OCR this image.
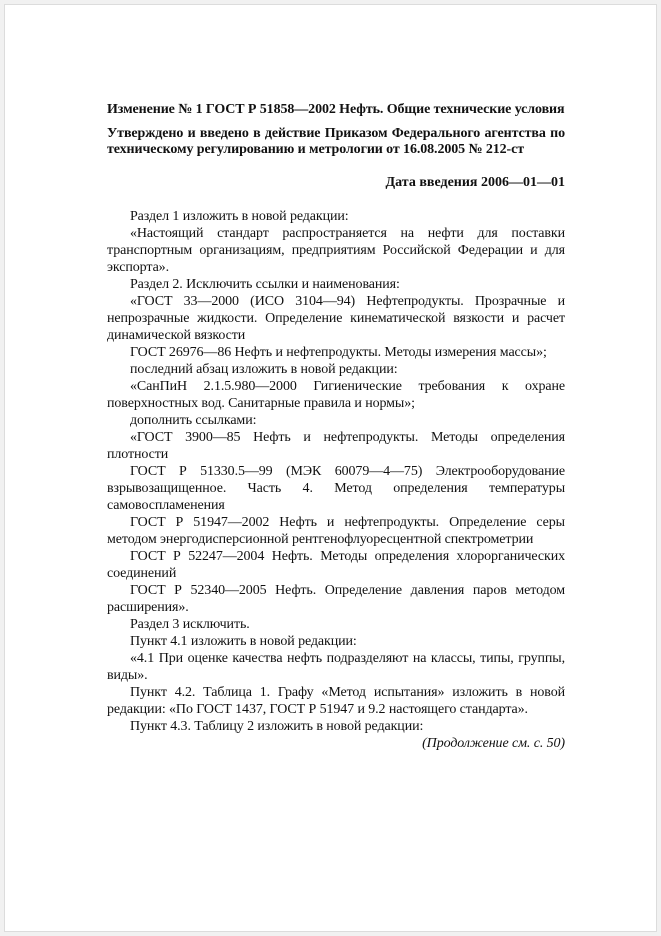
Изменение № 1 ГОСТ Р 51858—2002 Нефть. Общие технические условия
Утверждено и введено в действие Приказом Федерального агентства по техническому регулированию и метрологии от 16.08.2005 № 212-ст
Дата введения 2006—01—01

Раздел 1 изложить в новой редакции:

«Настоящий стандарт распространяется на нефти для поставки транспортным организациям, предприятиям Российской Федерации и для экспорта».

Раздел 2. Исключить ссылки и наименования:

«ГОСТ 33—2000 (ИСО 3104—94) Нефтепродукты. Прозрачные и непрозрачные жидкости. Определение кинематической вязкости и расчет динамической вязкости

ГОСТ 26976—86 Нефть и нефтепродукты. Методы измерения массы»;

последний абзац изложить в новой редакции:

«СанПиН 2.1.5.980—2000 Гигиенические требования к охране поверхностных вод. Санитарные правила и нормы»;

дополнить ссылками:

«ГОСТ 3900—85 Нефть и нефтепродукты. Методы определения плотности

ГОСТ Р 51330.5—99 (МЭК 60079—4—75) Электрооборудование взрывозащищенное. Часть 4. Метод определения температуры самовоспламенения

ГОСТ Р 51947—2002 Нефть и нефтепродукты. Определение серы методом энергодисперсионной рентгенофлуоресцентной спектрометрии

ГОСТ Р 52247—2004 Нефть. Методы определения хлорорганических соединений

ГОСТ Р 52340—2005 Нефть. Определение давления паров методом расширения».

Раздел 3 исключить.

Пункт 4.1 изложить в новой редакции:

«4.1 При оценке качества нефть подразделяют на классы, типы, группы, виды».

Пункт 4.2. Таблица 1. Графу «Метод испытания» изложить в новой редакции: «По ГОСТ 1437, ГОСТ Р 51947 и 9.2 настоящего стандарта».

Пункт 4.3. Таблицу 2 изложить в новой редакции:

(Продолжение см. с. 50)
